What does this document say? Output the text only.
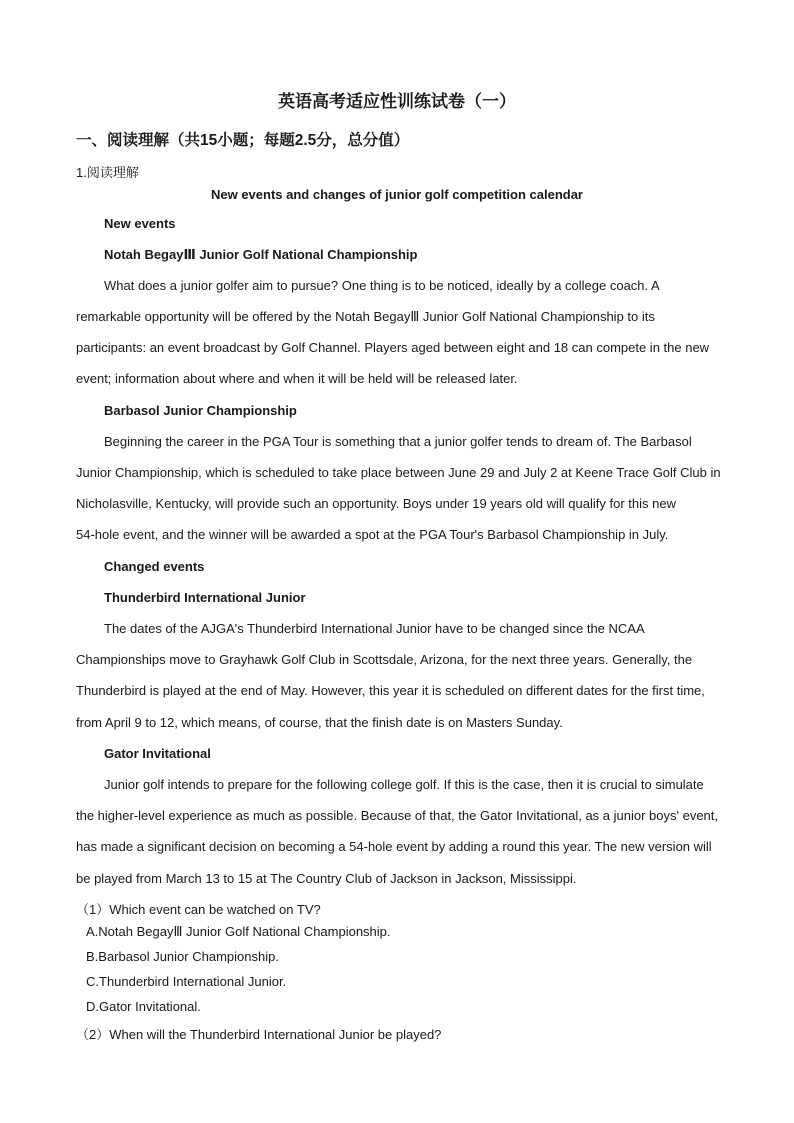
英语高考适应性训练试卷（一）
一、阅读理解（共15小题；每题2.5分，总分值）
1.阅读理解
New events and changes of junior golf competition calendar
New events
Notah BegayⅢ Junior Golf National Championship
What does a junior golfer aim to pursue? One thing is to be noticed, ideally by a college coach. A
remarkable opportunity will be offered by the Notah BegayⅢ Junior Golf National Championship to its
participants: an event broadcast by Golf Channel. Players aged between eight and 18 can compete in the new
event; information about where and when it will be held will be released later.
Barbasol Junior Championship
Beginning the career in the PGA Tour is something that a junior golfer tends to dream of. The Barbasol
Junior Championship, which is scheduled to take place between June 29 and July 2 at Keene Trace Golf Club in
Nicholasville, Kentucky, will provide such an opportunity. Boys under 19 years old will qualify for this new
54-hole event, and the winner will be awarded a spot at the PGA Tour's Barbasol Championship in July.
Changed events
Thunderbird International Junior
The dates of the AJGA's Thunderbird International Junior have to be changed since the NCAA
Championships move to Grayhawk Golf Club in Scottsdale, Arizona, for the next three years. Generally, the
Thunderbird is played at the end of May. However, this year it is scheduled on different dates for the first time,
from April 9 to 12, which means, of course, that the finish date is on Masters Sunday.
Gator Invitational
Junior golf intends to prepare for the following college golf. If this is the case, then it is crucial to simulate
the higher-level experience as much as possible. Because of that, the Gator Invitational, as a junior boys' event,
has made a significant decision on becoming a 54-hole event by adding a round this year. The new version will
be played from March 13 to 15 at The Country Club of Jackson in Jackson, Mississippi.
（1）Which event can be watched on TV?
A.Notah BegayⅢ Junior Golf National Championship.
B.Barbasol Junior Championship.
C.Thunderbird International Junior.
D.Gator Invitational.
（2）When will the Thunderbird International Junior be played?
